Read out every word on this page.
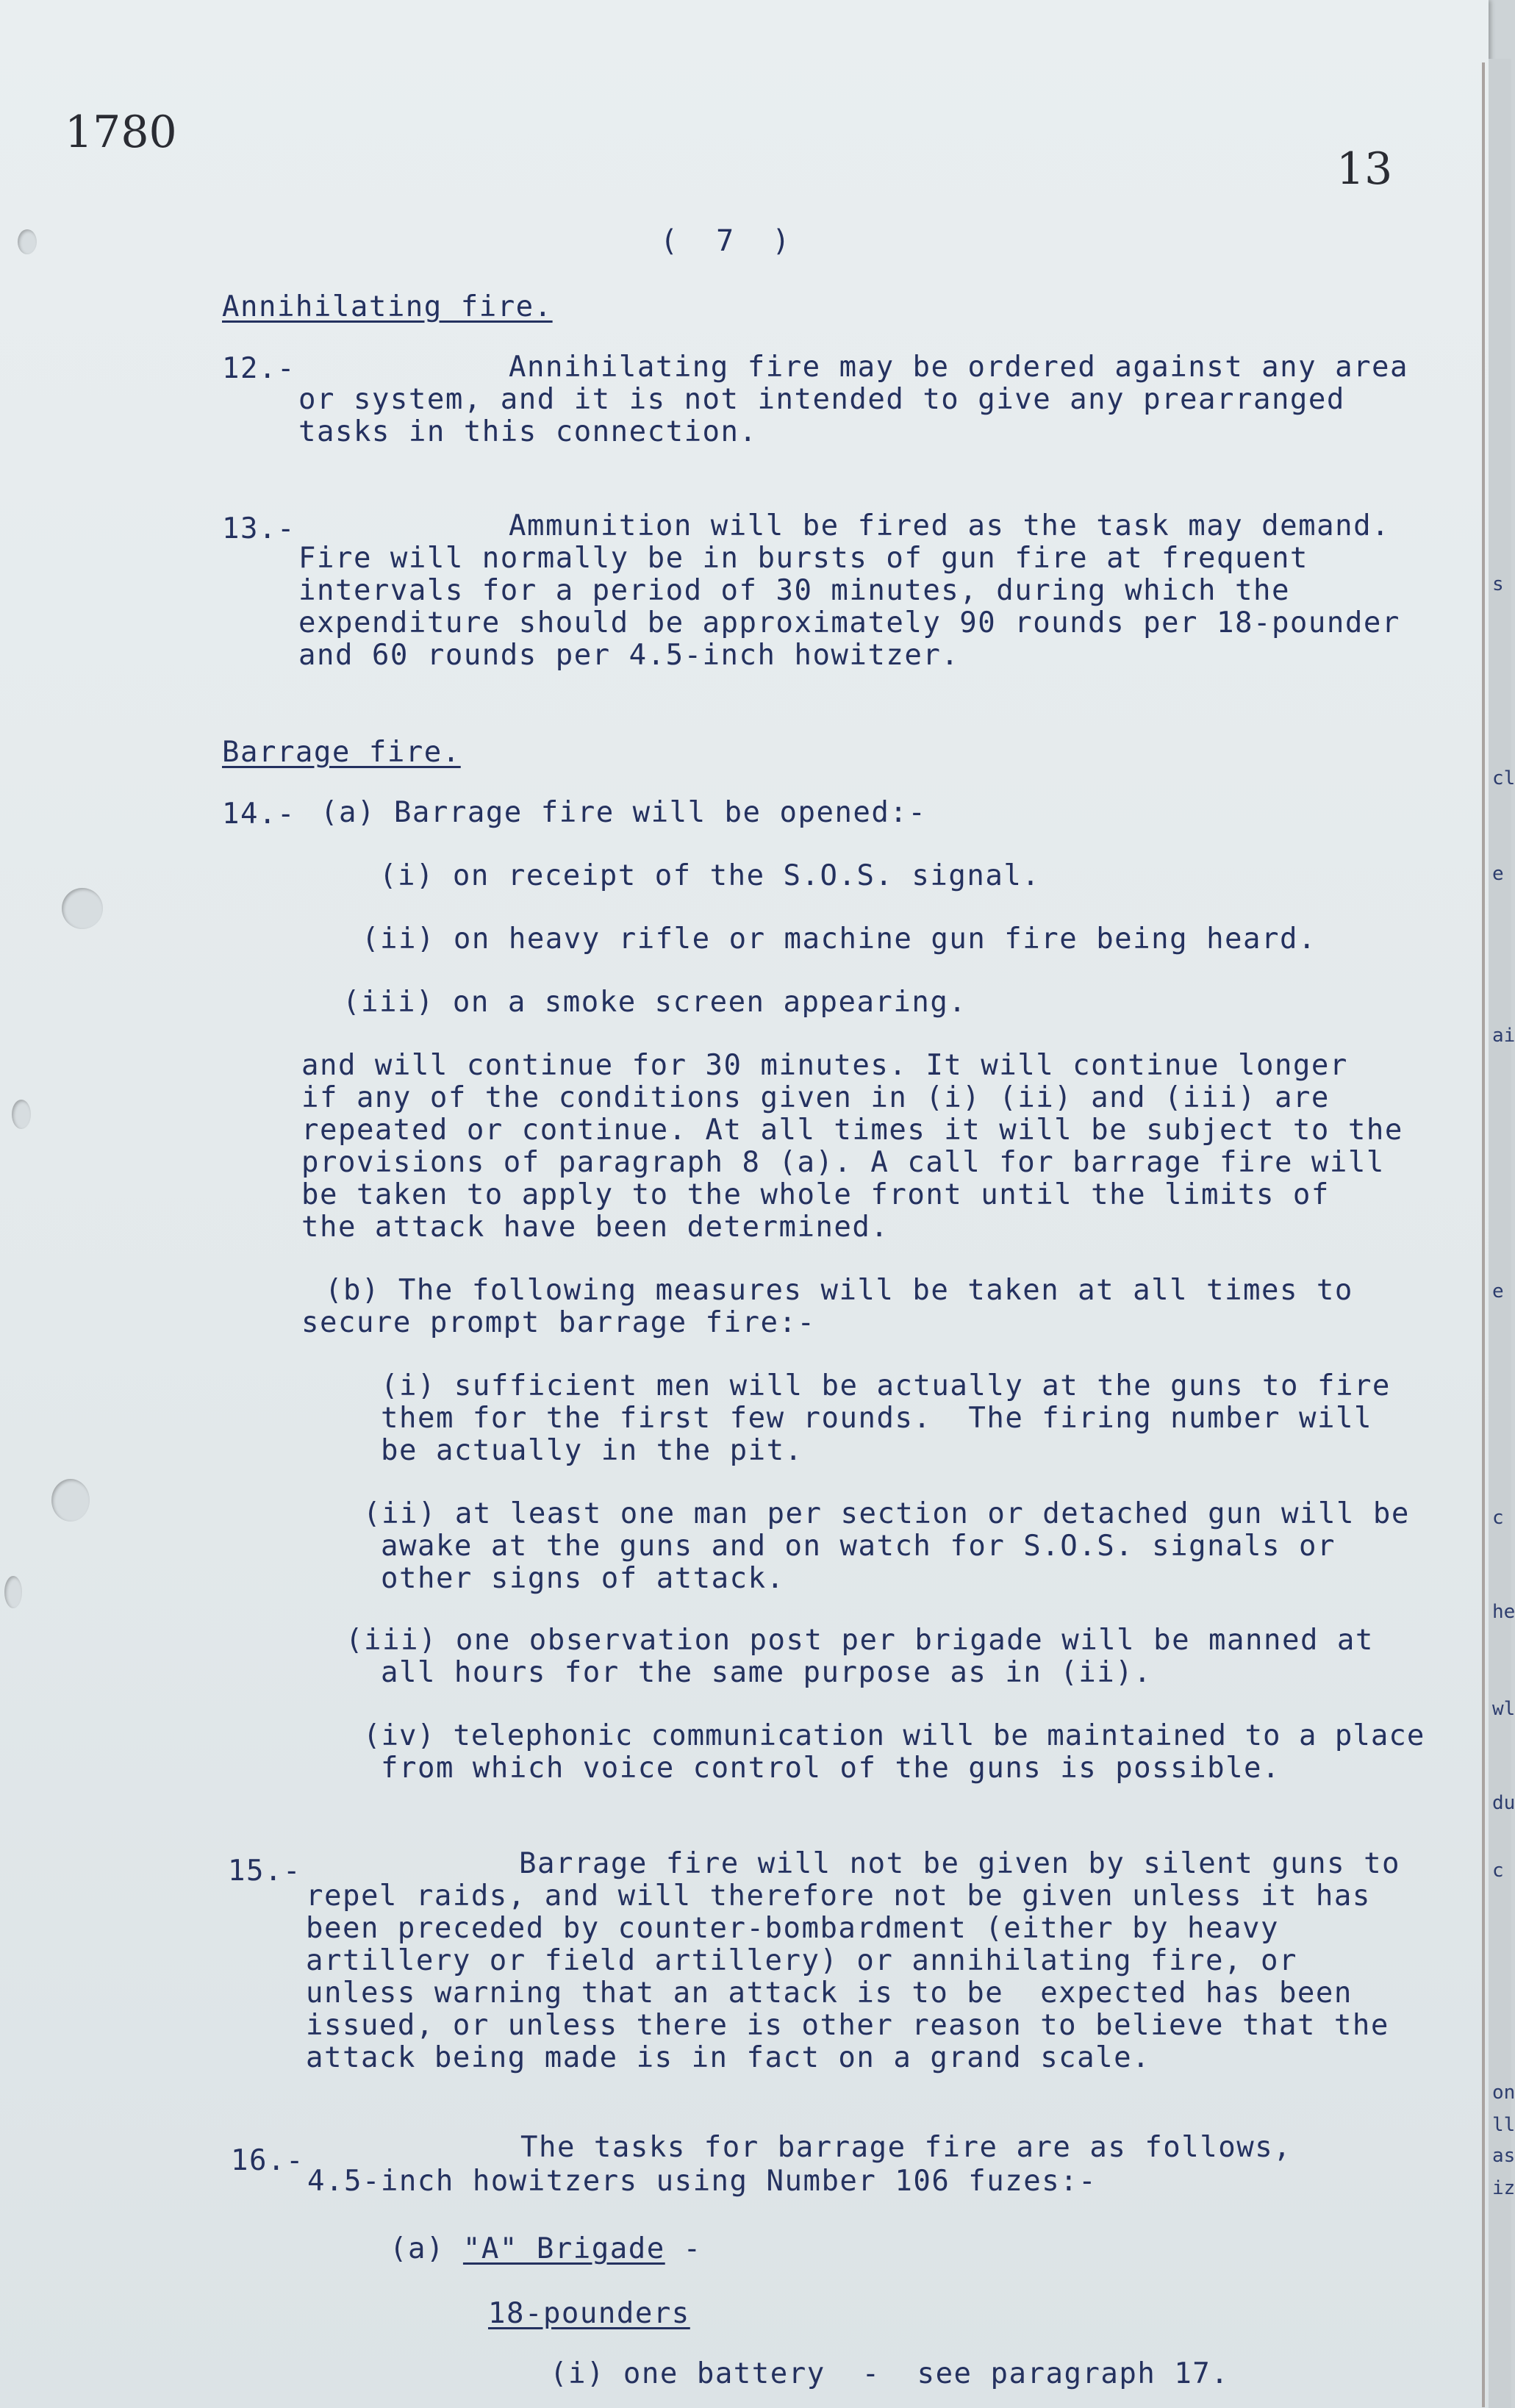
1780
13
( 7 )
Annihilating fire.
12.-	Annihilating fire may be ordered against any area
or system, and it is not intended to give any prearranged
tasks in this connection.
13.-	Ammunition will be fired as the task may demand.
Fire will normally be in bursts of gun fire at frequent
intervals for a period of 30 minutes, during which the
expenditure should be approximately 90 rounds per 18-pounder
and 60 rounds per 4.5-inch howitzer.
Barrage fire.
14.- (a) Barrage fire will be opened:-
(i) on receipt of the S.O.S. signal.
(ii) on heavy rifle or machine gun fire being heard.
(iii) on a smoke screen appearing.
and will continue for 30 minutes. It will continue longer
if any of the conditions given in (i) (ii) and (iii) are
repeated or continue. At all times it will be subject to the
provisions of paragraph 8 (a). A call for barrage fire will
be taken to apply to the whole front until the limits of
the attack have been determined.
(b) The following measures will be taken at all times to
secure prompt barrage fire:-
(i) sufficient men will be actually at the guns to fire
them for the first few rounds.  The firing number will
be actually in the pit.
(ii) at least one man per section or detached gun will be
awake at the guns and on watch for S.O.S. signals or
other signs of attack.
(iii) one observation post per brigade will be manned at
all hours for the same purpose as in (ii).
(iv) telephonic communication will be maintained to a place
from which voice control of the guns is possible.
15.-	Barrage fire will not be given by silent guns to
repel raids, and will therefore not be given unless it has
been preceded by counter-bombardment (either by heavy
artillery or field artillery) or annihilating fire, or
unless warning that an attack is to be  expected has been
issued, or unless there is other reason to believe that the
attack being made is in fact on a grand scale.
16.-	The tasks for barrage fire are as follows,
4.5-inch howitzers using Number 106 fuzes:-
(a) "A" Brigade -
18-pounders
(i) one battery  -  see paragraph 17.
s
cl
e
ai
e
c
he
wl
du
c
on
ll
as
iz
